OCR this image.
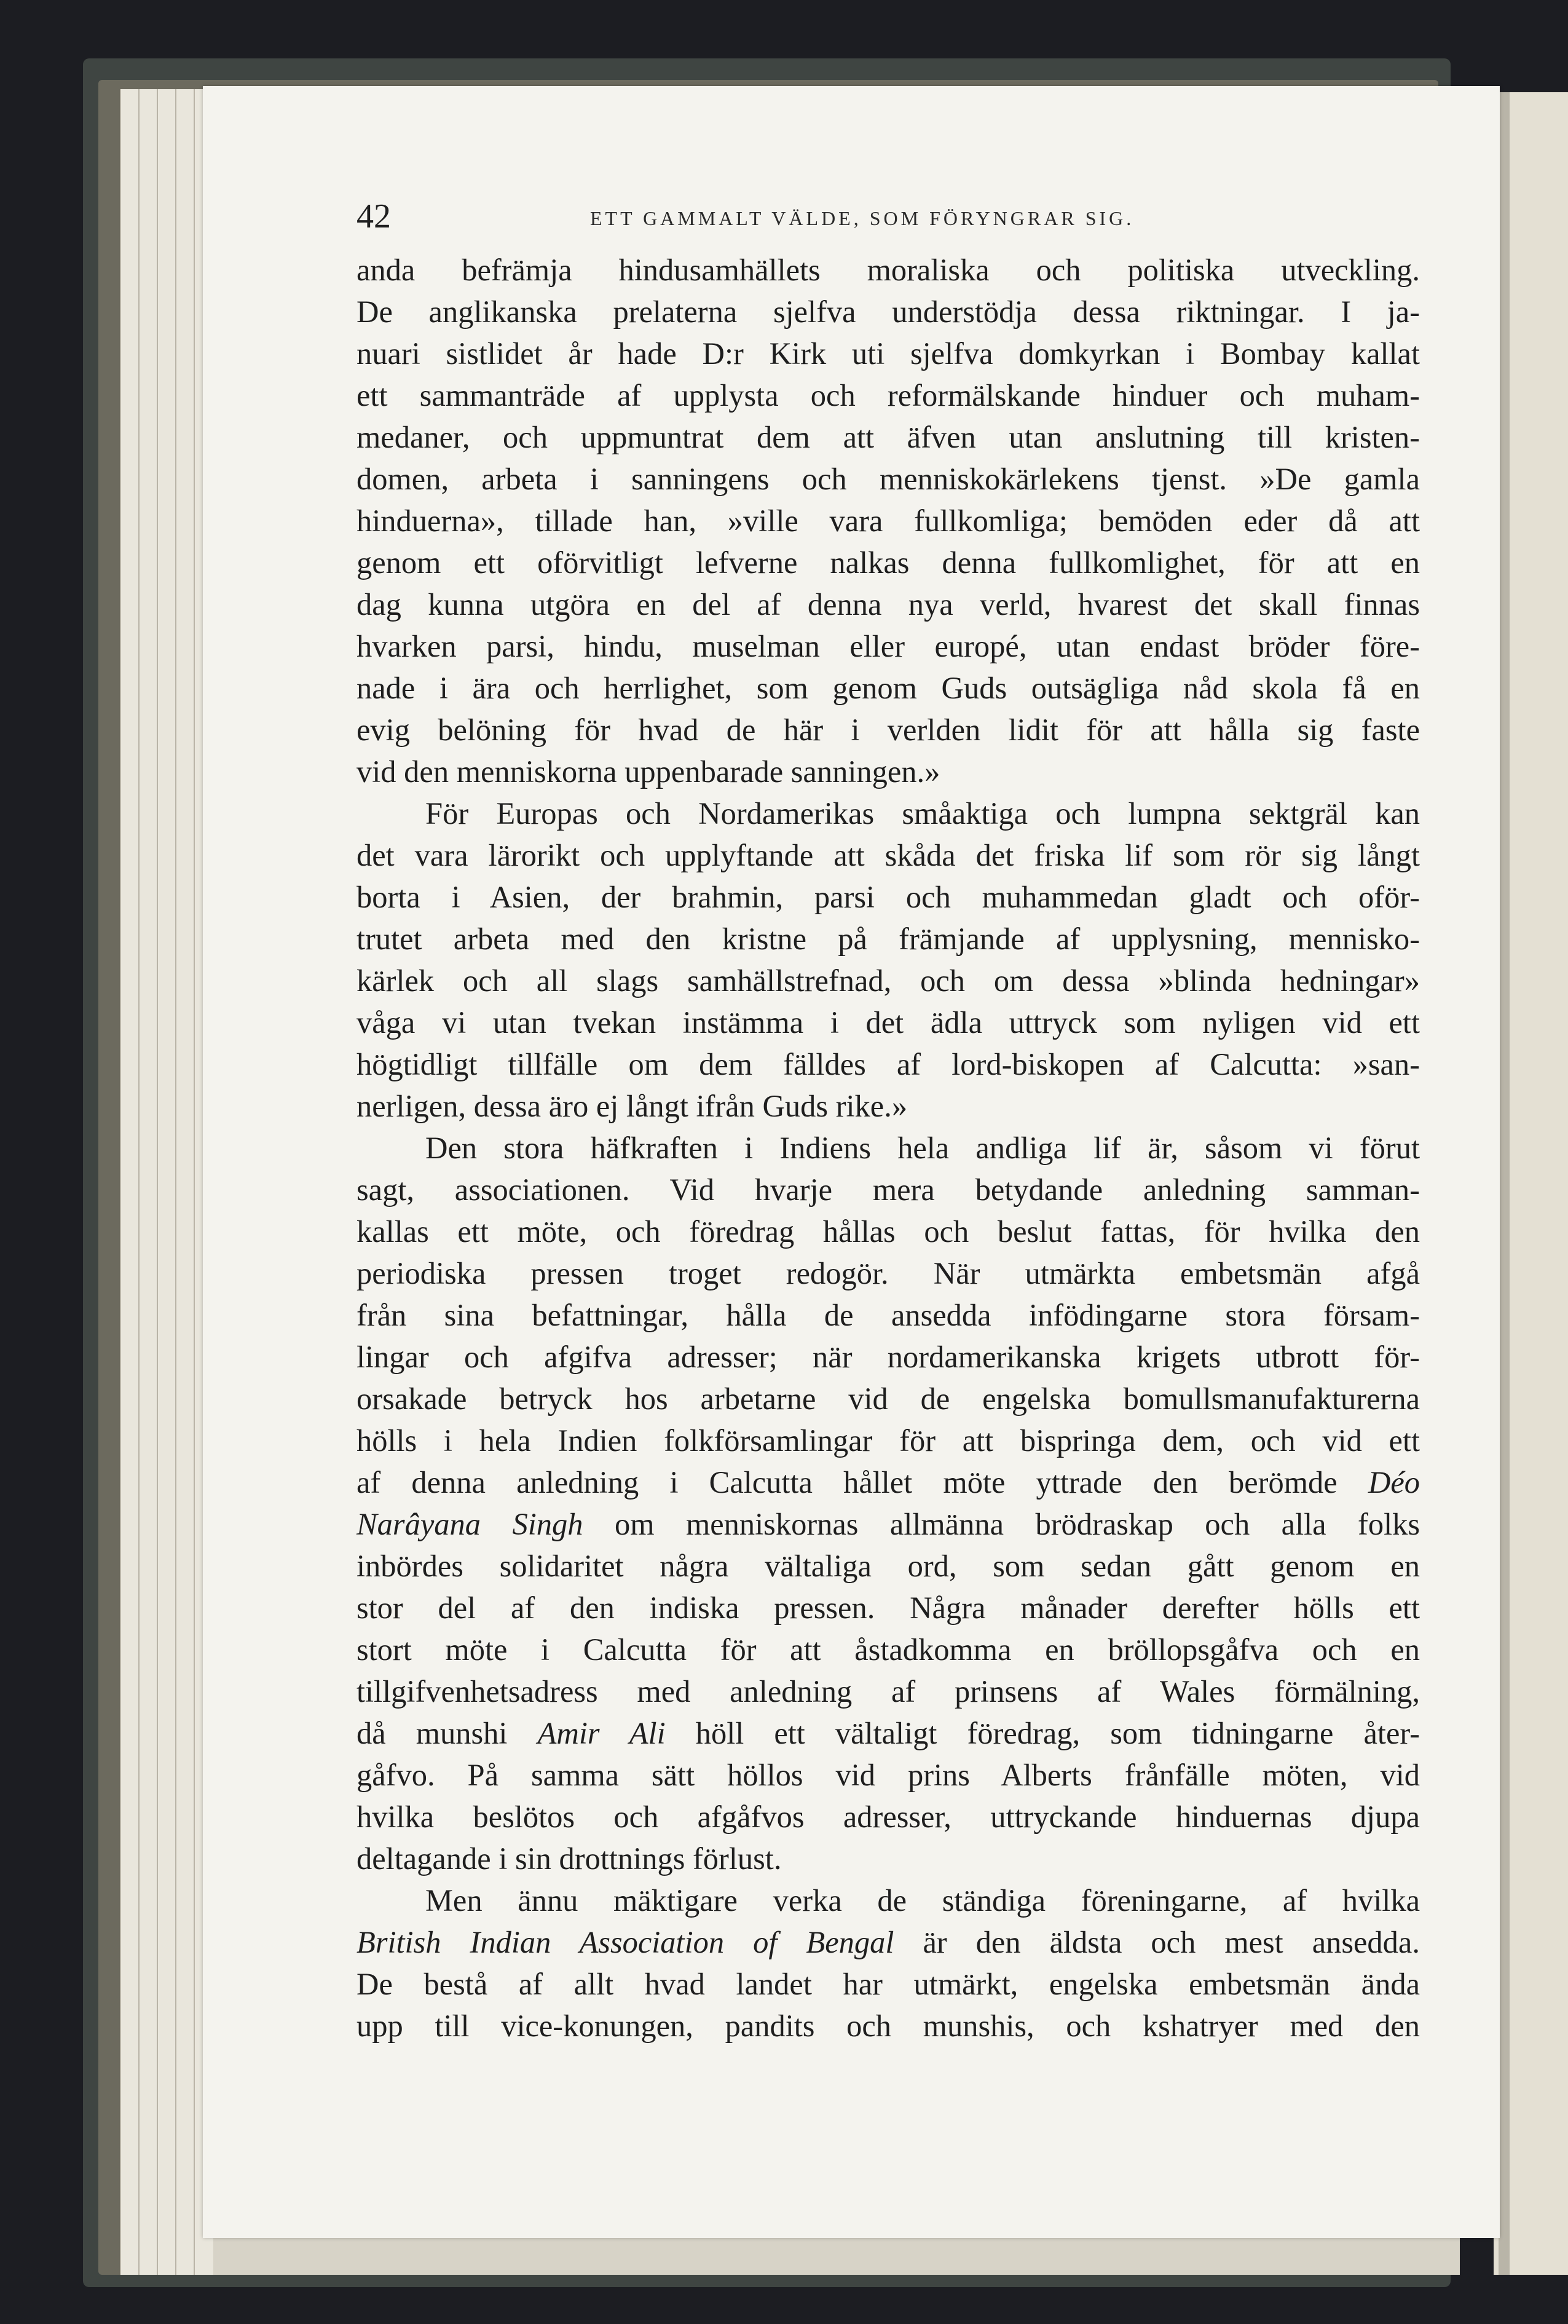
42	ETT GAMMALT VÄLDE, SOM FÖRYNGRAR SIG.
anda befrämja hindusamhällets moraliska och politiska utveckling.
De anglikanska prelaterna sjelfva understödja dessa riktningar. I ja-
nuari sistlidet år hade D:r Kirk uti sjelfva domkyrkan i Bombay kallat
ett sammanträde af upplysta och reformälskande hinduer och muham-
medaner, och uppmuntrat dem att äfven utan anslutning till kristen-
domen, arbeta i sanningens och menniskokärlekens tjenst. »De gamla
hinduerna», tillade han, »ville vara fullkomliga; bemöden eder då att
genom ett oförvitligt lefverne nalkas denna fullkomlighet, för att en
dag kunna utgöra en del af denna nya verld, hvarest det skall finnas
hvarken parsi, hindu, muselman eller europé, utan endast bröder före-
nade i ära och herrlighet, som genom Guds outsägliga nåd skola få en
evig belöning för hvad de här i verlden lidit för att hålla sig faste
vid den menniskorna uppenbarade sanningen.»
För Europas och Nordamerikas småaktiga och lumpna sektgräl kan
det vara lärorikt och upplyftande att skåda det friska lif som rör sig långt
borta i Asien, der brahmin, parsi och muhammedan gladt och oför-
trutet arbeta med den kristne på främjande af upplysning, mennisko-
kärlek och all slags samhällstrefnad, och om dessa »blinda hedningar»
våga vi utan tvekan instämma i det ädla uttryck som nyligen vid ett
högtidligt tillfälle om dem fälldes af lord-biskopen af Calcutta: »san-
nerligen, dessa äro ej långt ifrån Guds rike.»
Den stora häfkraften i Indiens hela andliga lif är, såsom vi förut
sagt, associationen. Vid hvarje mera betydande anledning samman-
kallas ett möte, och föredrag hållas och beslut fattas, för hvilka den
periodiska pressen troget redogör. När utmärkta embetsmän afgå
från sina befattningar, hålla de ansedda infödingarne stora försam-
lingar och afgifva adresser; när nordamerikanska krigets utbrott för-
orsakade betryck hos arbetarne vid de engelska bomullsmanufakturerna
hölls i hela Indien folkförsamlingar för att bispringa dem, och vid ett
af denna anledning i Calcutta hållet möte yttrade den berömde Déo
Narâyana Singh om menniskornas allmänna brödraskap och alla folks
inbördes solidaritet några vältaliga ord, som sedan gått genom en
stor del af den indiska pressen. Några månader derefter hölls ett
stort möte i Calcutta för att åstadkomma en bröllopsgåfva och en
tillgifvenhetsadress med anledning af prinsens af Wales förmälning,
då munshi Amir Ali höll ett vältaligt föredrag, som tidningarne åter-
gåfvo. På samma sätt höllos vid prins Alberts frånfälle möten, vid
hvilka beslötos och afgåfvos adresser, uttryckande hinduernas djupa
deltagande i sin drottnings förlust.
Men ännu mäktigare verka de ständiga föreningarne, af hvilka
British Indian Association of Bengal är den äldsta och mest ansedda.
De bestå af allt hvad landet har utmärkt, engelska embetsmän ända
upp till vice-konungen, pandits och munshis, och kshatryer med den
